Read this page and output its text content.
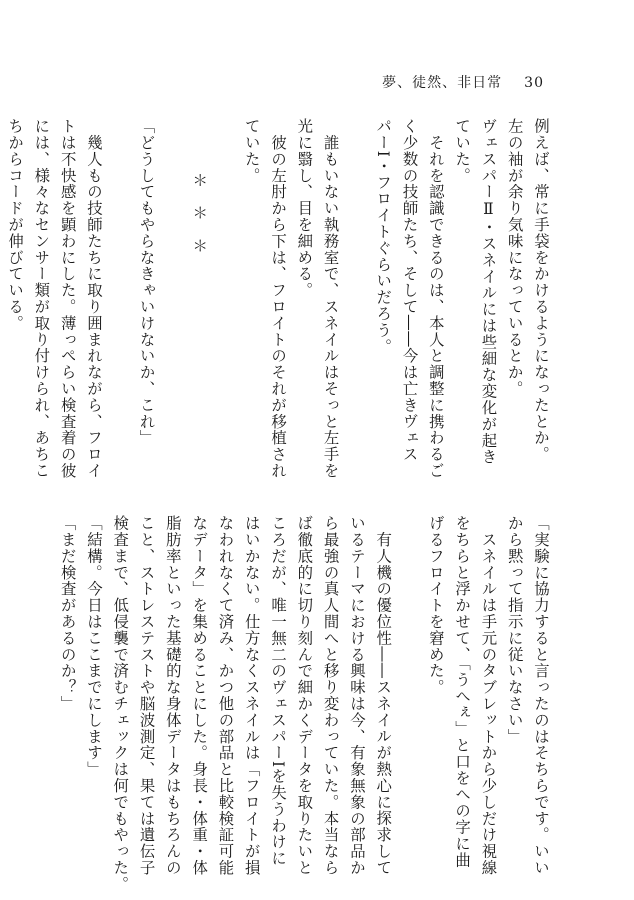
夢、徒然、非日常 30

例えば、常に手袋をかけるようになったとか。

左の袖が余り気味になっているとか。

ヴェスパーⅡ・スネイルには些細な変化が起き

ていた。

　それを認識できるのは、本人と調整に携わるご

く少数の技師たち、そして――今は亡きヴェス

パーI・フロイトぐらいだろう。

　誰もいない執務室で、スネイルはそっと左手を

光に翳し、目を細める。

　彼の左肘から下は、フロイトのそれが移植され

ていた。

＊　＊　＊

「どうしてもやらなきゃいけないか、これ」

　幾人もの技師たちに取り囲まれながら、フロイ

トは不快感を顕わにした。薄っぺらい検査着の彼

には、様々なセンサー類が取り付けられ、あちこ

ちからコードが伸びている。

「実験に協力すると言ったのはそちらです。いい

から黙って指示に従いなさい」

　スネイルは手元のタブレットから少しだけ視線

をちらと浮かせて、「うへぇ」と口をへの字に曲

げるフロイトを窘めた。

　有人機の優位性――スネイルが熱心に探求して

いるテーマにおける興味は今、有象無象の部品か

ら最強の真人間へと移り変わっていた。本当なら

ば徹底的に切り刻んで細かくデータを取りたいと

ころだが、唯一無二のヴェスパーIを失うわけに

はいかない。仕方なくスネイルは「フロイトが損

なわれなくて済み、かつ他の部品と比較検証可能

なデータ」を集めることにした。身長・体重・体

脂肪率といった基礎的な身体データはもちろんの

こと、ストレステストや脳波測定、果ては遺伝子

検査まで、低侵襲で済むチェックは何でもやった。

「結構。今日はここまでにします」

「まだ検査があるのか？」
